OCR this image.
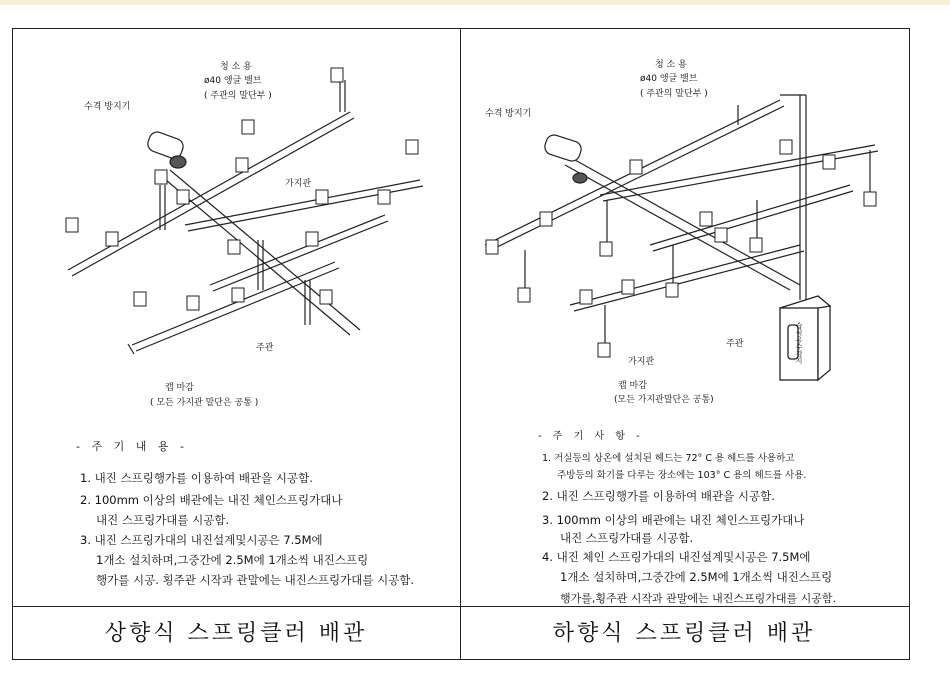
청 소 용
ø40 앵글 밸브
( 주관의 말단부 )
수격 방지기
가지관
주관
캡 마감
( 모든 가지관 말단은 공통 )
청 소 용
ø40 앵글 밸브
( 주관의 말단부 )
수격 방지기
가지관
주관
캡 마감
(모든 가지관말단은 공통)
습식유수검지
- 주 기 내 용 -
1. 내진 스프링행가를 이용하여 배관을 시공함.
2. 100mm 이상의 배관에는 내진 체인스프링가대나
내진 스프링가대를 시공함.
3. 내진 스프링가대의 내진설계및시공은 7.5M에
1개소 설치하며,그중간에 2.5M에 1개소씩 내진스프링
행가를 시공. 횡주관 시작과 관말에는 내진스프링가대를 시공함.
- 주 기 사 항 -
1. 거실등의 상온에 설치된 헤드는 72° C 용 헤드를 사용하고
주방등의 화기를 다루는 장소에는 103° C 용의 헤드를 사용.
2. 내진 스프링행가를 이용하여 배관을 시공함.
3. 100mm 이상의 배관에는 내진 체인스프링가대나
내진 스프링가대를 시공함.
4. 내진 체인 스프링가대의 내진설계및시공은 7.5M에
1개소 설치하며,그중간에 2.5M에 1개소씩 내진스프링
행가를,횡주관 시작과 관말에는 내진스프링가대를 시공함.
상향식 스프링클러 배관	하향식 스프링클러 배관
